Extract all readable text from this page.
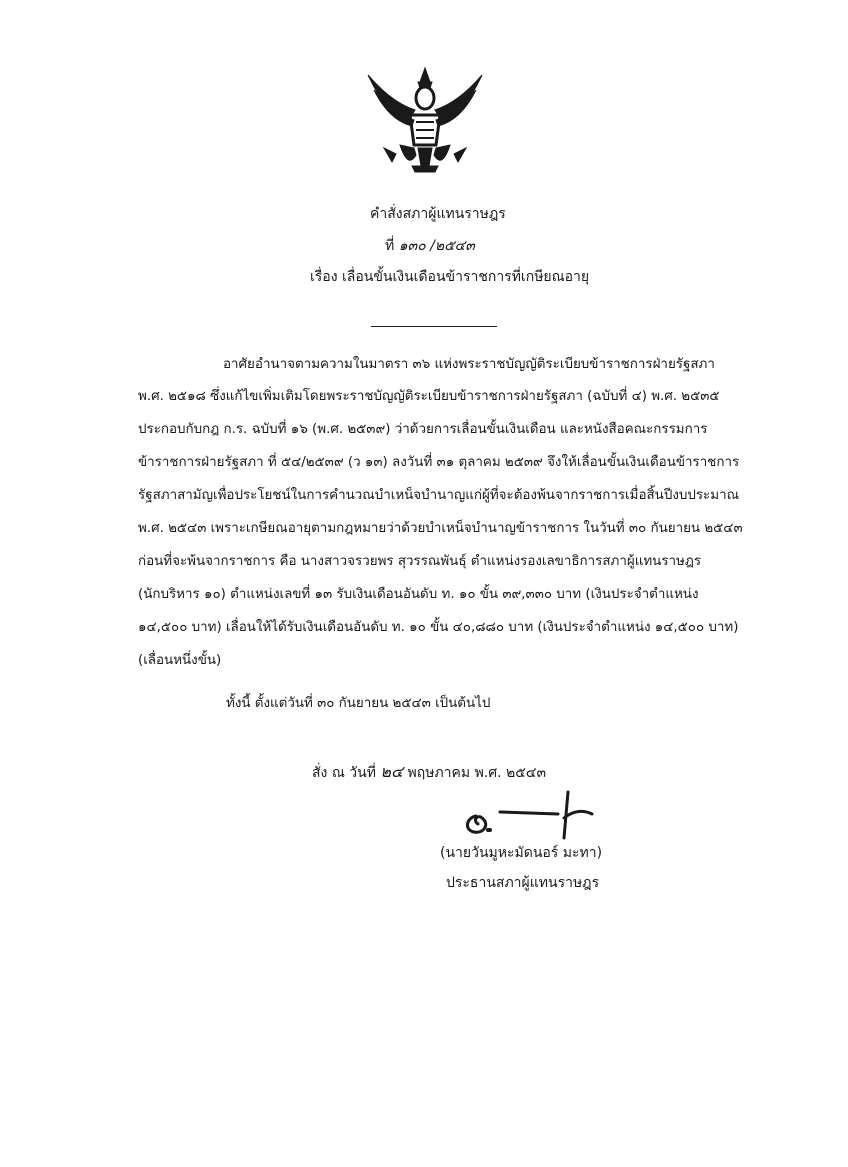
คำสั่งสภาผู้แทนราษฎร
ที่ ๑๓๐ /๒๕๔๓
เรื่อง เลื่อนขั้นเงินเดือนข้าราชการที่เกษียณอายุ
อาศัยอำนาจตามความในมาตรา ๓๖ แห่งพระราชบัญญัติระเบียบข้าราชการฝ่ายรัฐสภา
พ.ศ. ๒๕๑๘ ซึ่งแก้ไขเพิ่มเติมโดยพระราชบัญญัติระเบียบข้าราชการฝ่ายรัฐสภา (ฉบับที่ ๔) พ.ศ. ๒๕๓๕
ประกอบกับกฎ ก.ร. ฉบับที่ ๑๖ (พ.ศ. ๒๕๓๙) ว่าด้วยการเลื่อนขั้นเงินเดือน และหนังสือคณะกรรมการ
ข้าราชการฝ่ายรัฐสภา ที่ ๕๔/๒๕๓๙ (ว ๑๓) ลงวันที่ ๓๑ ตุลาคม ๒๕๓๙ จึงให้เลื่อนขั้นเงินเดือนข้าราชการ
รัฐสภาสามัญเพื่อประโยชน์ในการคำนวณบำเหน็จบำนาญแก่ผู้ที่จะต้องพ้นจากราชการเมื่อสิ้นปีงบประมาณ
พ.ศ. ๒๕๔๓ เพราะเกษียณอายุตามกฎหมายว่าด้วยบำเหน็จบำนาญข้าราชการ ในวันที่ ๓๐ กันยายน ๒๕๔๓
ก่อนที่จะพ้นจากราชการ คือ นางสาวจรวยพร สุวรรณพันธุ์ ตำแหน่งรองเลขาธิการสภาผู้แทนราษฎร
(นักบริหาร ๑๐) ตำแหน่งเลขที่ ๑๓ รับเงินเดือนอันดับ ท. ๑๐ ขั้น ๓๙,๓๓๐ บาท (เงินประจำตำแหน่ง
๑๔,๕๐๐ บาท) เลื่อนให้ได้รับเงินเดือนอันดับ ท. ๑๐ ขั้น ๔๐,๘๘๐ บาท (เงินประจำตำแหน่ง ๑๔,๕๐๐ บาท)
(เลื่อนหนึ่งขั้น)
ทั้งนี้ ตั้งแต่วันที่ ๓๐ กันยายน ๒๕๔๓ เป็นต้นไป
สั่ง ณ วันที่ ๒๔ พฤษภาคม พ.ศ. ๒๕๔๓
(นายวันมูหะมัดนอร์ มะทา)
ประธานสภาผู้แทนราษฎร
